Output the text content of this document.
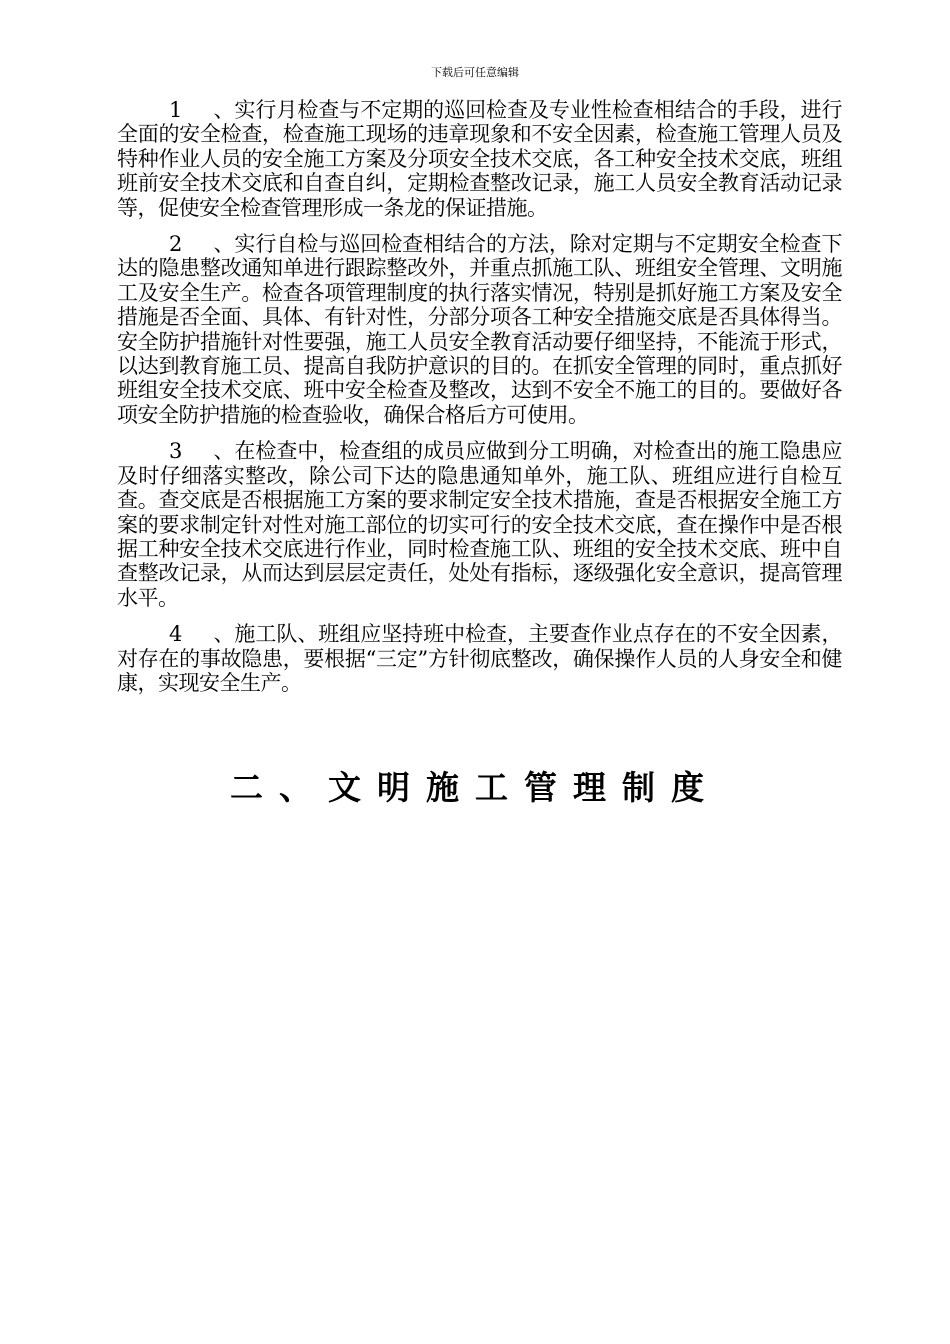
下载后可任意编辑

1 、实行月检查与不定期的巡回检查及专业性检查相结合的手段，进行全面的安全检查，检查施工现场的违章现象和不安全因素，检查施工管理人员及特种作业人员的安全施工方案及分项安全技术交底，各工种安全技术交底，班组班前安全技术交底和自查自纠，定期检查整改记录，施工人员安全教育活动记录等，促使安全检查管理形成一条龙的保证措施。

2 、实行自检与巡回检查相结合的方法，除对定期与不定期安全检查下达的隐患整改通知单进行跟踪整改外，并重点抓施工队、班组安全管理、文明施工及安全生产。检查各项管理制度的执行落实情况，特别是抓好施工方案及安全措施是否全面、具体、有针对性，分部分项各工种安全措施交底是否具体得当。安全防护措施针对性要强，施工人员安全教育活动要仔细坚持，不能流于形式，以达到教育施工员、提高自我防护意识的目的。在抓安全管理的同时，重点抓好班组安全技术交底、班中安全检查及整改，达到不安全不施工的目的。要做好各项安全防护措施的检查验收，确保合格后方可使用。

3 、在检查中，检查组的成员应做到分工明确，对检查出的施工隐患应及时仔细落实整改，除公司下达的隐患通知单外，施工队、班组应进行自检互查。查交底是否根据施工方案的要求制定安全技术措施，查是否根据安全施工方案的要求制定针对性对施工部位的切实可行的安全技术交底，查在操作中是否根据工种安全技术交底进行作业，同时检查施工队、班组的安全技术交底、班中自查整改记录，从而达到层层定责任，处处有指标，逐级强化安全意识，提高管理水平。

4 、施工队、班组应坚持班中检查，主要查作业点存在的不安全因素，对存在的事故隐患，要根据“三定”方针彻底整改，确保操作人员的人身安全和健康，实现安全生产。

二、文明施工管理制度
